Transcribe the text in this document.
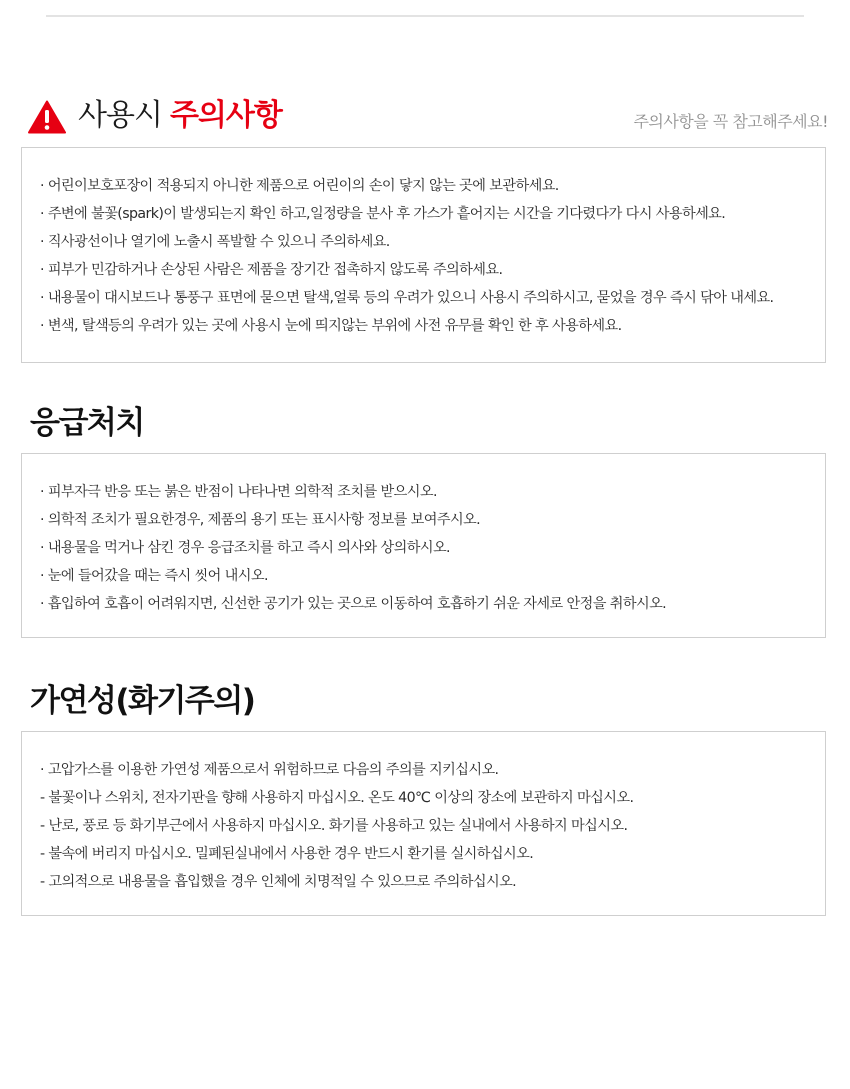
사용시 주의사항	주의사항을 꼭 참고해주세요!
· 어린이보호포장이 적용되지 아니한 제품으로 어린이의 손이 닿지 않는 곳에 보관하세요.
· 주변에 불꽃(spark)이 발생되는지 확인 하고,일정량을 분사 후 가스가 흩어지는 시간을 기다렸다가 다시 사용하세요.
· 직사광선이나 열기에 노출시 폭발할 수 있으니 주의하세요.
· 피부가 민감하거나 손상된 사람은 제품을 장기간 접촉하지 않도록 주의하세요.
· 내용물이 대시보드나 통풍구 표면에 묻으면 탈색,얼룩 등의 우려가 있으니 사용시 주의하시고, 묻었을 경우 즉시 닦아 내세요.
· 변색, 탈색등의 우려가 있는 곳에 사용시 눈에 띄지않는 부위에 사전 유무를 확인 한 후 사용하세요.
응급처치
· 피부자극 반응 또는 붉은 반점이 나타나면 의학적 조치를 받으시오.
· 의학적 조치가 필요한경우, 제품의 용기 또는 표시사항 정보를 보여주시오.
· 내용물을 먹거나 삼킨 경우 응급조치를 하고 즉시 의사와 상의하시오.
· 눈에 들어갔을 때는 즉시 씻어 내시오.
· 흡입하여 호흡이 어려워지면, 신선한 공기가 있는 곳으로 이동하여 호흡하기 쉬운 자세로 안정을 취하시오.
가연성(화기주의)
· 고압가스를 이용한 가연성 제품으로서 위험하므로 다음의 주의를 지키십시오.
- 불꽃이나 스위치, 전자기판을 향해 사용하지 마십시오. 온도 40℃ 이상의 장소에 보관하지 마십시오.
- 난로, 풍로 등 화기부근에서 사용하지 마십시오. 화기를 사용하고 있는 실내에서 사용하지 마십시오.
- 불속에 버리지 마십시오. 밀폐된실내에서 사용한 경우 반드시 환기를 실시하십시오.
- 고의적으로 내용물을 흡입했을 경우 인체에 치명적일 수 있으므로 주의하십시오.
